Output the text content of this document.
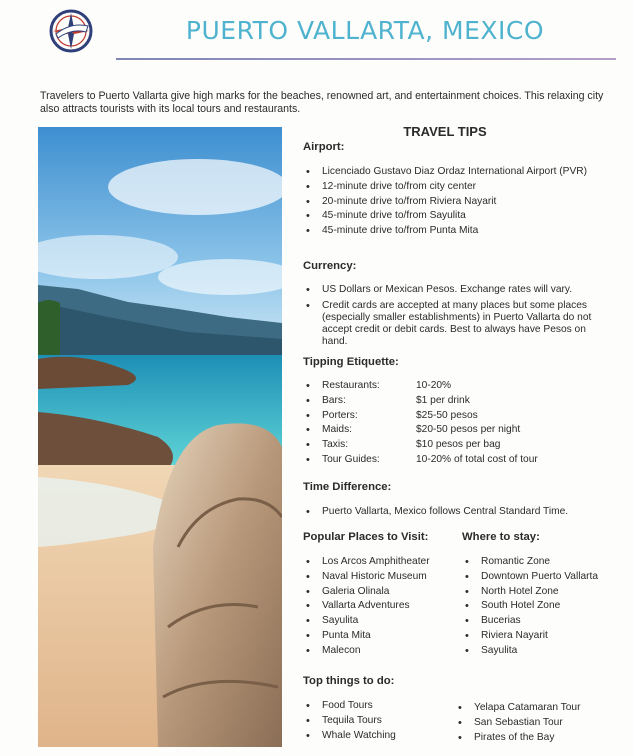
PUERTO VALLARTA, MEXICO
Travelers to Puerto Vallarta give high marks for the beaches, renowned art, and entertainment choices. This relaxing city also attracts tourists with its local tours and restaurants.
TRAVEL TIPS
Airport:
• Licenciado Gustavo Diaz Ordaz International Airport (PVR)
• 12-minute drive to/from city center
• 20-minute drive to/from Riviera Nayarit
• 45-minute drive to/from Sayulita
• 45-minute drive to/from Punta Mita
Currency:
• US Dollars or Mexican Pesos. Exchange rates will vary.
• Credit cards are accepted at many places but some places (especially smaller establishments) in Puerto Vallarta do not accept credit or debit cards. Best to always have Pesos on hand.
Tipping Etiquette:
• Restaurants:	10-20%
• Bars:	$1 per drink
• Porters:	$25-50 pesos
• Maids:	$20-50 pesos per night
• Taxis:	$10 pesos per bag
• Tour Guides:	10-20% of total cost of tour
Time Difference:
• Puerto Vallarta, Mexico follows Central Standard Time.
Popular Places to Visit:
• Los Arcos Amphitheater
• Naval Historic Museum
• Galeria Olinala
• Vallarta Adventures
• Sayulita
• Punta Mita
• Malecon
Where to stay:
• Romantic Zone
• Downtown Puerto Vallarta
• North Hotel Zone
• South Hotel Zone
• Bucerias
• Riviera Nayarit
• Sayulita
Top things to do:
• Food Tours
• Tequila Tours
• Whale Watching
• Yelapa Catamaran Tour
• San Sebastian Tour
• Pirates of the Bay
